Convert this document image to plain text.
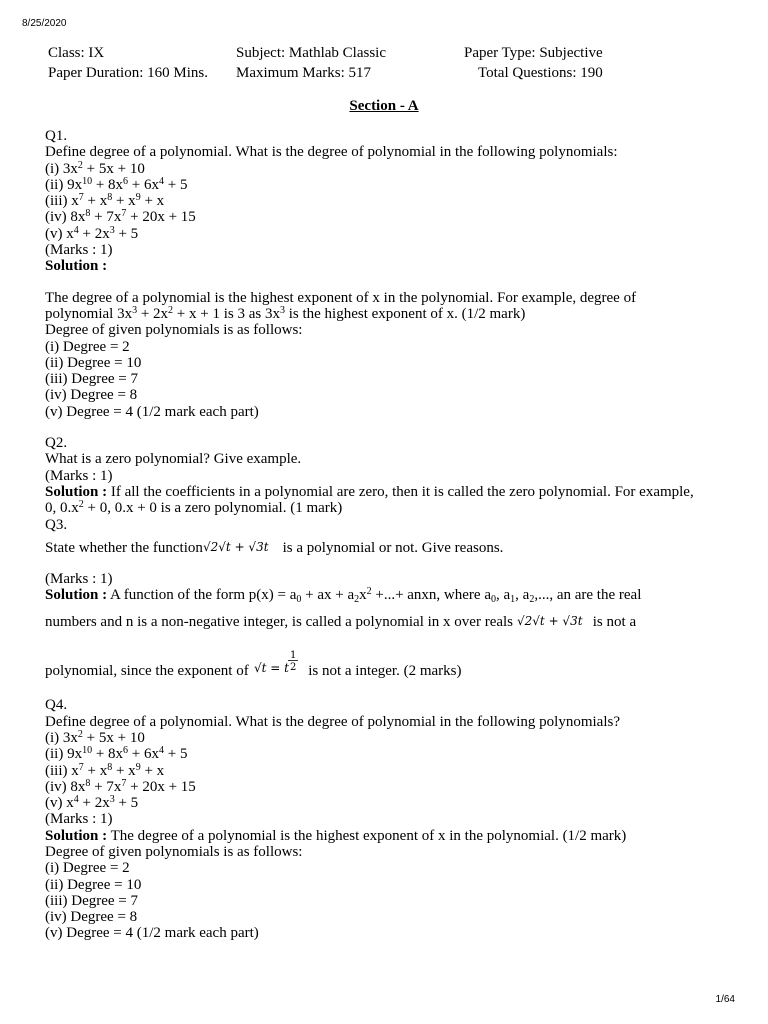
8/25/2020
Class: IX	Subject: Mathlab Classic	Paper Type: Subjective
Paper Duration: 160 Mins. Maximum Marks: 517	Total Questions: 190
Section - A
Q1.
Define degree of a polynomial. What is the degree of polynomial in the following polynomials:
(i) $3x^2 + 5x + 10$
(ii) $9x^{10} + 8x^6 + 6x^4 + 5$
(iii) $x^7 + x^8 + x^9 + x$
(iv) $8x^8 + 7x^7 + 20x + 15$
(v) $x^4 + 2x^3 + 5$
(Marks : 1)
Solution :
The degree of a polynomial is the highest exponent of x in the polynomial. For example, degree of
polynomial $3x^3 + 2x^2 + x + 1$ is 3 as $3x^3$ is the highest exponent of x. (1/2 mark)
Degree of given polynomials is as follows:
(i) Degree = 2
(ii) Degree = 10
(iii) Degree = 7
(iv) Degree = 8
(v) Degree = 4 (1/2 mark each part)
Q2.
What is a zero polynomial? Give example.
(Marks : 1)
Solution : If all the coefficients in a polynomial are zero, then it is called the zero polynomial. For example,
0, $0.x^2 + 0$, 0.x + 0 is a zero polynomial. (1 mark)
Q3.
State whether the function √2√t + √3t is a polynomial or not. Give reasons.
(Marks : 1)
Solution : A function of the form $p(x) = a_0$ + ax + $a_2x^2$ +...+ anxn, where $a_0$, $a_1$, $a_2$,..., an are the real
numbers and n is a non-negative integer, is called a polynomial in x over reals √2√t + √3t is not a
polynomial, since the exponent of √t = t
1
2 is not a integer. (2 marks)
Q4.
Define degree of a polynomial. What is the degree of polynomial in the following polynomials?
(i) $3x^2 + 5x + 10$
(ii) $9x^{10} + 8x^6 + 6x^4 + 5$
(iii) $x^7 + x^8 + x^9 + x$
(iv) $8x^8 + 7x^7 + 20x + 15$
(v) $x^4 + 2x^3 + 5$
(Marks : 1)
Solution : The degree of a polynomial is the highest exponent of x in the polynomial. (1/2 mark)
Degree of given polynomials is as follows:
(i) Degree = 2
(ii) Degree = 10
(iii) Degree = 7
(iv) Degree = 8
(v) Degree = 4 (1/2 mark each part)
1/64
